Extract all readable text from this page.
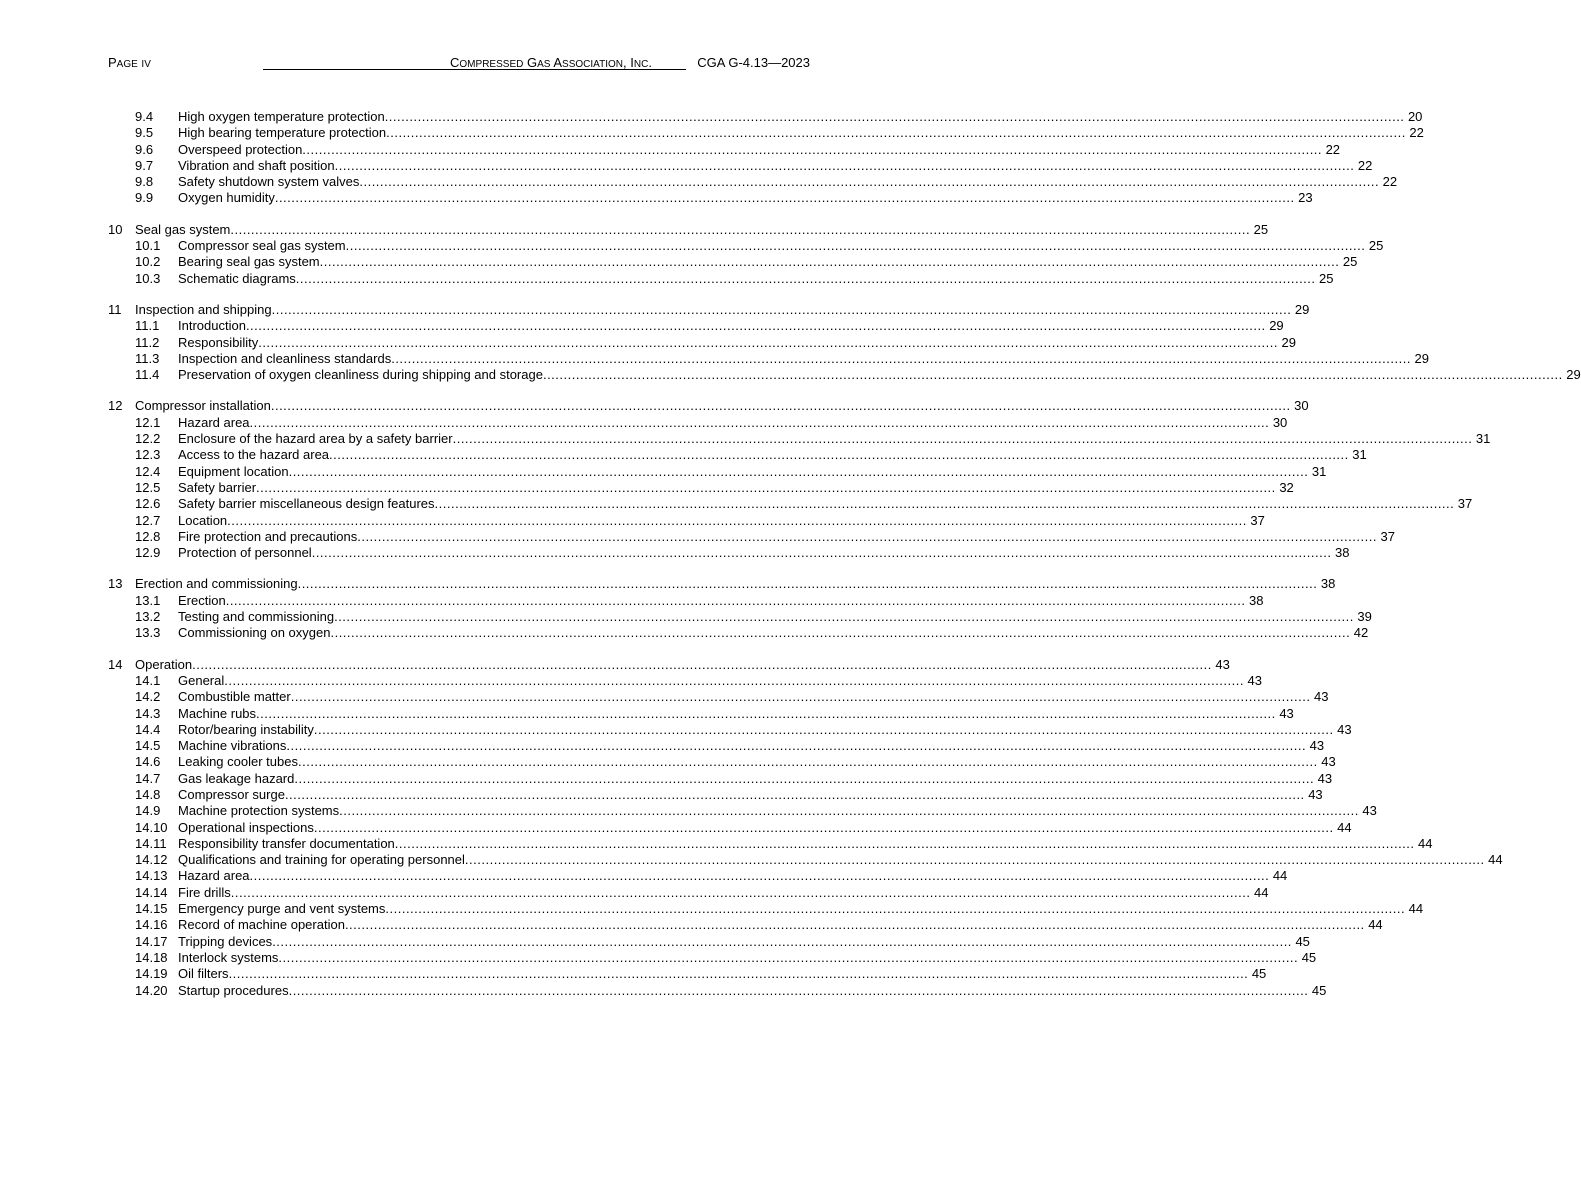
PAGE IV	COMPRESSED GAS ASSOCIATION, INC.	CGA G-4.13—2023
9.4 High oxygen temperature protection ........................................................................................................................................................................................................................................................ 20
9.5 High bearing temperature protection ........................................................................................................................................................................................................................................................ 22
9.6 Overspeed protection ........................................................................................................................................................................................................................................................ 22
9.7 Vibration and shaft position ........................................................................................................................................................................................................................................................ 22
9.8 Safety shutdown system valves ........................................................................................................................................................................................................................................................ 22
9.9 Oxygen humidity ........................................................................................................................................................................................................................................................ 23
10 Seal gas system ........................................................................................................................................................................................................................................................ 25
10.1 Compressor seal gas system ........................................................................................................................................................................................................................................................ 25
10.2 Bearing seal gas system ........................................................................................................................................................................................................................................................ 25
10.3 Schematic diagrams ........................................................................................................................................................................................................................................................ 25
11 Inspection and shipping ........................................................................................................................................................................................................................................................ 29
11.1 Introduction ........................................................................................................................................................................................................................................................ 29
11.2 Responsibility ........................................................................................................................................................................................................................................................ 29
11.3 Inspection and cleanliness standards ........................................................................................................................................................................................................................................................ 29
11.4 Preservation of oxygen cleanliness during shipping and storage ........................................................................................................................................................................................................................................................ 29
12 Compressor installation ........................................................................................................................................................................................................................................................ 30
12.1 Hazard area ........................................................................................................................................................................................................................................................ 30
12.2 Enclosure of the hazard area by a safety barrier ........................................................................................................................................................................................................................................................ 31
12.3 Access to the hazard area ........................................................................................................................................................................................................................................................ 31
12.4 Equipment location ........................................................................................................................................................................................................................................................ 31
12.5 Safety barrier ........................................................................................................................................................................................................................................................ 32
12.6 Safety barrier miscellaneous design features ........................................................................................................................................................................................................................................................ 37
12.7 Location ........................................................................................................................................................................................................................................................ 37
12.8 Fire protection and precautions ........................................................................................................................................................................................................................................................ 37
12.9 Protection of personnel ........................................................................................................................................................................................................................................................ 38
13 Erection and commissioning ........................................................................................................................................................................................................................................................ 38
13.1 Erection ........................................................................................................................................................................................................................................................ 38
13.2 Testing and commissioning ........................................................................................................................................................................................................................................................ 39
13.3 Commissioning on oxygen ........................................................................................................................................................................................................................................................ 42
14 Operation ........................................................................................................................................................................................................................................................ 43
14.1 General ........................................................................................................................................................................................................................................................ 43
14.2 Combustible matter ........................................................................................................................................................................................................................................................ 43
14.3 Machine rubs ........................................................................................................................................................................................................................................................ 43
14.4 Rotor/bearing instability ........................................................................................................................................................................................................................................................ 43
14.5 Machine vibrations ........................................................................................................................................................................................................................................................ 43
14.6 Leaking cooler tubes ........................................................................................................................................................................................................................................................ 43
14.7 Gas leakage hazard ........................................................................................................................................................................................................................................................ 43
14.8 Compressor surge ........................................................................................................................................................................................................................................................ 43
14.9 Machine protection systems ........................................................................................................................................................................................................................................................ 43
14.10 Operational inspections ........................................................................................................................................................................................................................................................ 44
14.11 Responsibility transfer documentation ........................................................................................................................................................................................................................................................ 44
14.12 Qualifications and training for operating personnel ........................................................................................................................................................................................................................................................ 44
14.13 Hazard area ........................................................................................................................................................................................................................................................ 44
14.14 Fire drills ........................................................................................................................................................................................................................................................ 44
14.15 Emergency purge and vent systems ........................................................................................................................................................................................................................................................ 44
14.16 Record of machine operation ........................................................................................................................................................................................................................................................ 44
14.17 Tripping devices ........................................................................................................................................................................................................................................................ 45
14.18 Interlock systems ........................................................................................................................................................................................................................................................ 45
14.19 Oil filters ........................................................................................................................................................................................................................................................ 45
14.20 Startup procedures ........................................................................................................................................................................................................................................................ 45
